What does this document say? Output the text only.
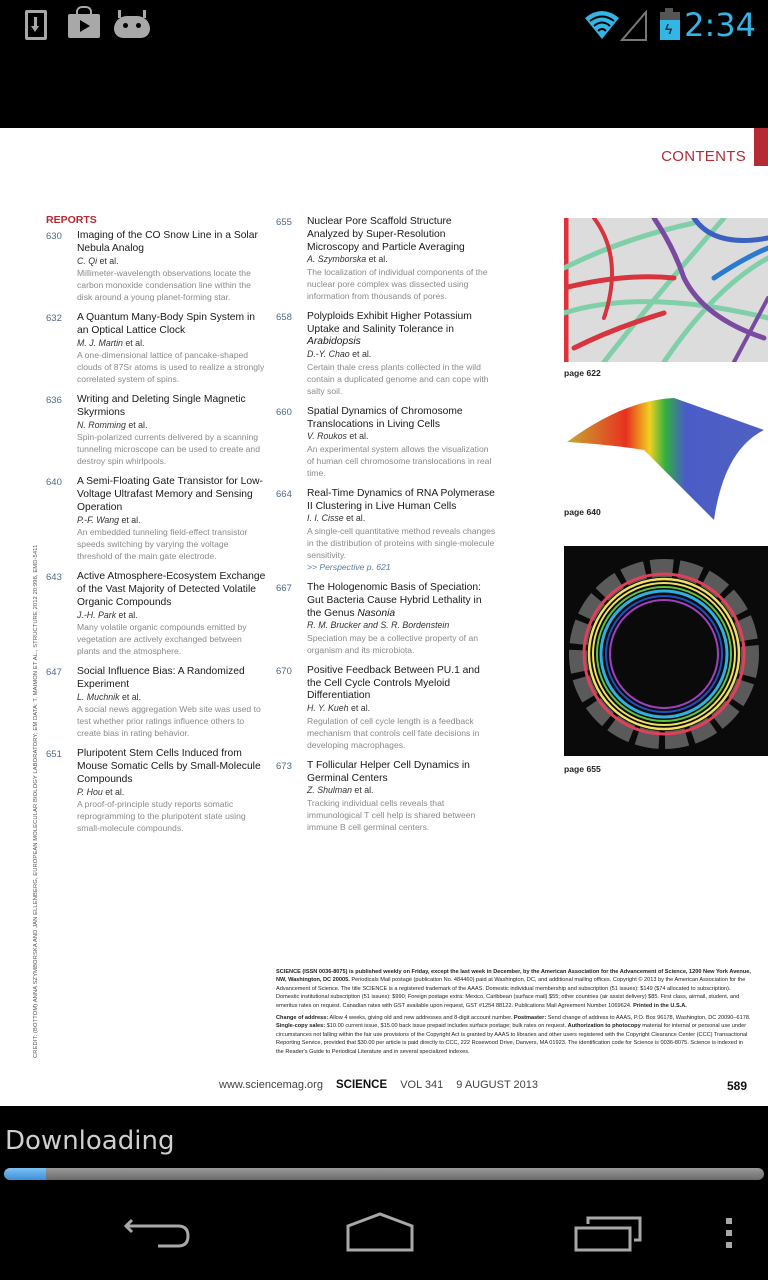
ϟ 2:34
CONTENTS
CREDIT: (BOTTOM) ANNA SZYMBORSKA AND JAN ELLENBERG, EUROPEAN MOLECULAR BIOLOGY LABORATORY; EM DATA: T. MAIMON ET AL., STRUCTURE 2012 20:998, EMD-5411
REPORTS
630 Imaging of the CO Snow Line in a Solar Nebula Analog
C. Qi et al.
Millimeter-wavelength observations locate the carbon monoxide condensation line within the disk around a young planet-forming star.
632 A Quantum Many-Body Spin System in an Optical Lattice Clock
M. J. Martin et al.
A one-dimensional lattice of pancake-shaped clouds of 87Sr atoms is used to realize a strongly correlated system of spins.
636 Writing and Deleting Single Magnetic Skyrmions
N. Romming et al.
Spin-polarized currents delivered by a scanning tunneling microscope can be used to create and destroy spin whirlpools.
640 A Semi-Floating Gate Transistor for Low-Voltage Ultrafast Memory and Sensing Operation
P.-F. Wang et al.
An embedded tunneling field-effect transistor speeds switching by varying the voltage threshold of the main gate electrode.
643 Active Atmosphere-Ecosystem Exchange of the Vast Majority of Detected Volatile Organic Compounds
J.-H. Park et al.
Many volatile organic compounds emitted by vegetation are actively exchanged between plants and the atmosphere.
647 Social Influence Bias: A Randomized Experiment
L. Muchnik et al.
A social news aggregation Web site was used to test whether prior ratings influence others to create bias in rating behavior.
651 Pluripotent Stem Cells Induced from Mouse Somatic Cells by Small-Molecule Compounds
P. Hou et al.
A proof-of-principle study reports somatic reprogramming to the pluripotent state using small-molecule compounds.
655 Nuclear Pore Scaffold Structure Analyzed by Super-Resolution Microscopy and Particle Averaging
A. Szymborska et al.
The localization of individual components of the nuclear pore complex was dissected using information from thousands of pores.
658 Polyploids Exhibit Higher Potassium Uptake and Salinity Tolerance in Arabidopsis
D.-Y. Chao et al.
Certain thale cress plants collected in the wild contain a duplicated genome and can cope with salty soil.
660 Spatial Dynamics of Chromosome Translocations in Living Cells
V. Roukos et al.
An experimental system allows the visualization of human cell chromosome translocations in real time.
664 Real-Time Dynamics of RNA Polymerase II Clustering in Live Human Cells
I. I. Cisse et al.
A single-cell quantitative method reveals changes in the distribution of proteins with single-molecule sensitivity.
>> Perspective p. 621
667 The Hologenomic Basis of Speciation: Gut Bacteria Cause Hybrid Lethality in the Genus Nasonia
R. M. Brucker and S. R. Bordenstein
Speciation may be a collective property of an organism and its microbiota.
670 Positive Feedback Between PU.1 and the Cell Cycle Controls Myeloid Differentiation
H. Y. Kueh et al.
Regulation of cell cycle length is a feedback mechanism that controls cell fate decisions in developing macrophages.
673 T Follicular Helper Cell Dynamics in Germinal Centers
Z. Shulman et al.
Tracking individual cells reveals that immunological T cell help is shared between immune B cell germinal centers.
page 622
page 640
page 655

SCIENCE (ISSN 0036-8075) is published weekly on Friday, except the last week in December, by the American Association for the Advancement of Science, 1200 New York Avenue, NW, Washington, DC 20005. Periodicals Mail postage (publication No. 484460) paid at Washington, DC, and additional mailing offices. Copyright © 2013 by the American Association for the Advancement of Science. The title SCIENCE is a registered trademark of the AAAS. Domestic individual membership and subscription (51 issues): $149 ($74 allocated to subscription). Domestic institutional subscription (51 issues): $990; Foreign postage extra: Mexico, Caribbean (surface mail) $55; other countries (air assist delivery) $85. First class, airmail, student, and emeritus rates on request. Canadian rates with GST available upon request, GST #1254 88122. Publications Mail Agreement Number 1069624. Printed in the U.S.A.

Change of address: Allow 4 weeks, giving old and new addresses and 8-digit account number. Postmaster: Send change of address to AAAS, P.O. Box 96178, Washington, DC 20090–6178. Single-copy sales: $10.00 current issue, $15.00 back issue prepaid includes surface postage; bulk rates on request. Authorization to photocopy material for internal or personal use under circumstances not falling within the fair use provisions of the Copyright Act is granted by AAAS to libraries and other users registered with the Copyright Clearance Center (CCC) Transactional Reporting Service, provided that $30.00 per article is paid directly to CCC, 222 Rosewood Drive, Danvers, MA 01923. The identification code for Science is 0036-8075. Science is indexed in the Reader's Guide to Periodical Literature and in several specialized indexes.

www.sciencemag.org SCIENCE VOL 341 9 AUGUST 2013	589
Downloading
